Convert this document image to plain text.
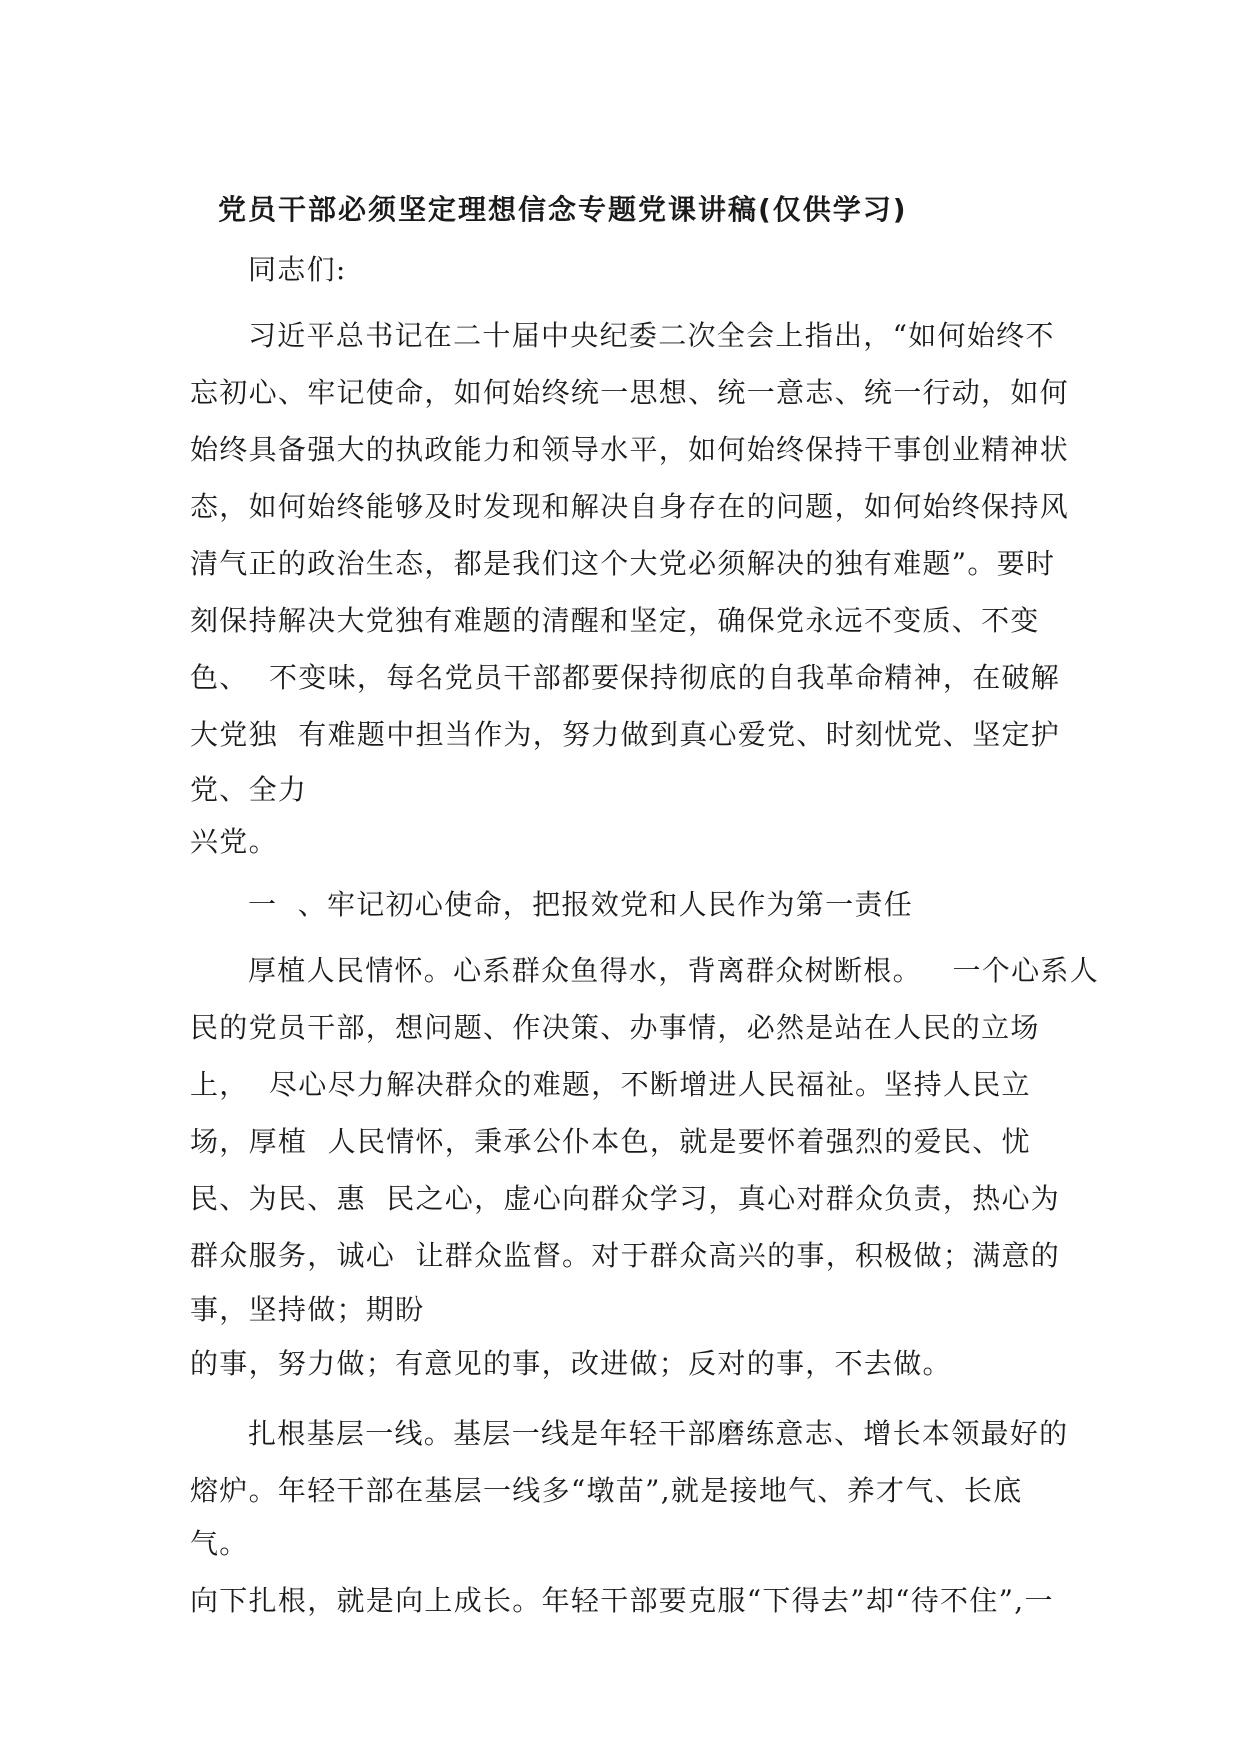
党员干部必须坚定理想信念专题党课讲稿(仅供学习)
同志们:
习近平总书记在二十届中央纪委二次全会上指出，“如何始终不
忘初心、牢记使命，如何始终统一思想、统一意志、统一行动，如何
始终具备强大的执政能力和领导水平，如何始终保持干事创业精神状
态，如何始终能够及时发现和解决自身存在的问题，如何始终保持风
清气正的政治生态，都是我们这个大党必须解决的独有难题”。要时
刻保持解决大党独有难题的清醒和坚定，确保党永远不变质、不变
色、  不变味，每名党员干部都要保持彻底的自我革命精神，在破解
大党独  有难题中担当作为，努力做到真心爱党、时刻忧党、坚定护
党、全力
兴党。
一  、牢记初心使命，把报效党和人民作为第一责任
厚植人民情怀。心系群众鱼得水，背离群众树断根。   一个心系人
民的党员干部，想问题、作决策、办事情，必然是站在人民的立场
上，  尽心尽力解决群众的难题，不断增进人民福祉。坚持人民立
场，厚植  人民情怀，秉承公仆本色，就是要怀着强烈的爱民、忧
民、为民、惠  民之心，虚心向群众学习，真心对群众负责，热心为
群众服务，诚心  让群众监督。对于群众高兴的事，积极做；满意的
事，坚持做；期盼
的事，努力做；有意见的事，改进做；反对的事，不去做。
扎根基层一线。基层一线是年轻干部磨练意志、增长本领最好的
熔炉。年轻干部在基层一线多“墩苗”,就是接地气、养才气、长底
气。
向下扎根，就是向上成长。年轻干部要克服“下得去”却“待不住”,一
